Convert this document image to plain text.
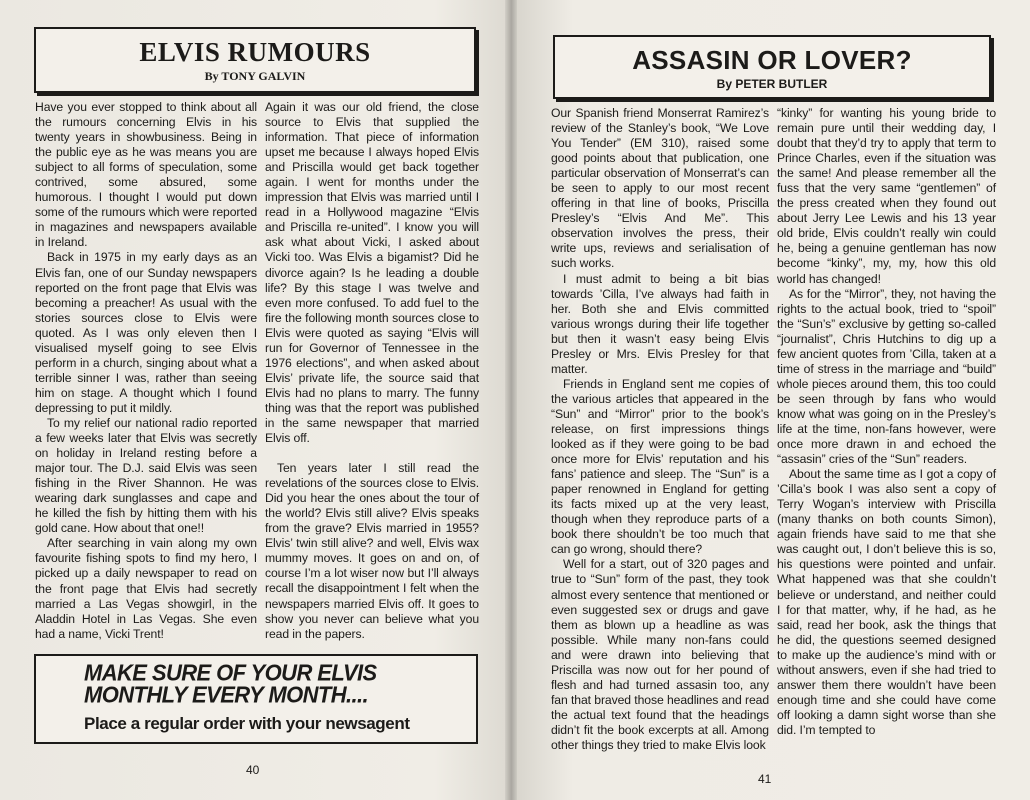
ELVIS RUMOURS
By TONY GALVIN

Have you ever stopped to think about all the rumours concerning Elvis in his twenty years in showbusiness. Being in the public eye as he was means you are subject to all forms of speculation, some contrived, some absured, some humorous. I thought I would put down some of the rumours which were reported in magazines and newspapers available in Ireland.

Back in 1975 in my early days as an Elvis fan, one of our Sunday newspapers reported on the front page that Elvis was becoming a preacher! As usual with the stories sources close to Elvis were quoted. As I was only eleven then I visualised myself going to see Elvis perform in a church, singing about what a terrible sinner I was, rather than seeing him on stage. A thought which I found depressing to put it mildly.

To my relief our national radio reported a few weeks later that Elvis was secretly on holiday in Ireland resting before a major tour. The D.J. said Elvis was seen fishing in the River Shannon. He was wearing dark sunglasses and cape and he killed the fish by hitting them with his gold cane. How about that one!!

After searching in vain along my own favourite fishing spots to find my hero, I picked up a daily newspaper to read on the front page that Elvis had secretly married a Las Vegas showgirl, in the Aladdin Hotel in Las Vegas. She even had a name, Vicki Trent!

Again it was our old friend, the close source to Elvis that supplied the information. That piece of information upset me because I always hoped Elvis and Priscilla would get back together again. I went for months under the impression that Elvis was married until I read in a Hollywood magazine “Elvis and Priscilla re-united”. I know you will ask what about Vicki, I asked about Vicki too. Was Elvis a bigamist? Did he divorce again? Is he leading a double life? By this stage I was twelve and even more confused. To add fuel to the fire the following month sources close to Elvis were quoted as saying “Elvis will run for Governor of Tennessee in the 1976 elections”, and when asked about Elvis’ private life, the source said that Elvis had no plans to marry. The funny thing was that the report was published in the same newspaper that married Elvis off.

Ten years later I still read the revelations of the sources close to Elvis. Did you hear the ones about the tour of the world? Elvis still alive? Elvis speaks from the grave? Elvis married in 1955? Elvis’ twin still alive? and well, Elvis wax mummy moves. It goes on and on, of course I’m a lot wiser now but I’ll always recall the disappointment I felt when the newspapers married Elvis off. It goes to show you never can believe what you read in the papers.

MAKE SURE OF YOUR ELVIS
MONTHLY EVERY MONTH....
Place a regular order with your newsagent
40
ASSASIN OR LOVER?
By PETER BUTLER

Our Spanish friend Monserrat Ramirez’s review of the Stanley’s book, “We Love You Tender” (EM 310), raised some good points about that publication, one particular observation of Monserrat’s can be seen to apply to our most recent offering in that line of books, Priscilla Presley’s “Elvis And Me”. This observation involves the press, their write ups, reviews and serialisation of such works.

I must admit to being a bit bias towards ’Cilla, I’ve always had faith in her. Both she and Elvis committed various wrongs during their life together but then it wasn’t easy being Elvis Presley or Mrs. Elvis Presley for that matter.

Friends in England sent me copies of the various articles that appeared in the “Sun” and “Mirror” prior to the book’s release, on first impressions things looked as if they were going to be bad once more for Elvis’ reputation and his fans’ patience and sleep. The “Sun” is a paper renowned in England for getting its facts mixed up at the very least, though when they reproduce parts of a book there shouldn’t be too much that can go wrong, should there?

Well for a start, out of 320 pages and true to “Sun” form of the past, they took almost every sentence that mentioned or even suggested sex or drugs and gave them as blown up a headline as was possible. While many non-fans could and were drawn into believing that Priscilla was now out for her pound of flesh and had turned assasin too, any fan that braved those headlines and read the actual text found that the headings didn’t fit the book excerpts at all. Among other things they tried to make Elvis look

“kinky” for wanting his young bride to remain pure until their wedding day, I doubt that they’d try to apply that term to Prince Charles, even if the situation was the same! And please remember all the fuss that the very same “gentlemen” of the press created when they found out about Jerry Lee Lewis and his 13 year old bride, Elvis couldn’t really win could he, being a genuine gentleman has now become “kinky”, my, my, how this old world has changed!

As for the “Mirror”, they, not having the rights to the actual book, tried to “spoil” the “Sun’s” exclusive by getting so-called “journalist”, Chris Hutchins to dig up a few ancient quotes from ’Cilla, taken at a time of stress in the marriage and “build” whole pieces around them, this too could be seen through by fans who would know what was going on in the Presley’s life at the time, non-fans however, were once more drawn in and echoed the “assasin” cries of the “Sun” readers.

About the same time as I got a copy of ’Cilla’s book I was also sent a copy of Terry Wogan’s interview with Priscilla (many thanks on both counts Simon), again friends have said to me that she was caught out, I don’t believe this is so, his questions were pointed and unfair. What happened was that she couldn’t believe or understand, and neither could I for that matter, why, if he had, as he said, read her book, ask the things that he did, the questions seemed designed to make up the audience’s mind with or without answers, even if she had tried to answer them there wouldn’t have been enough time and she could have come off looking a damn sight worse than she did. I’m tempted to

41
